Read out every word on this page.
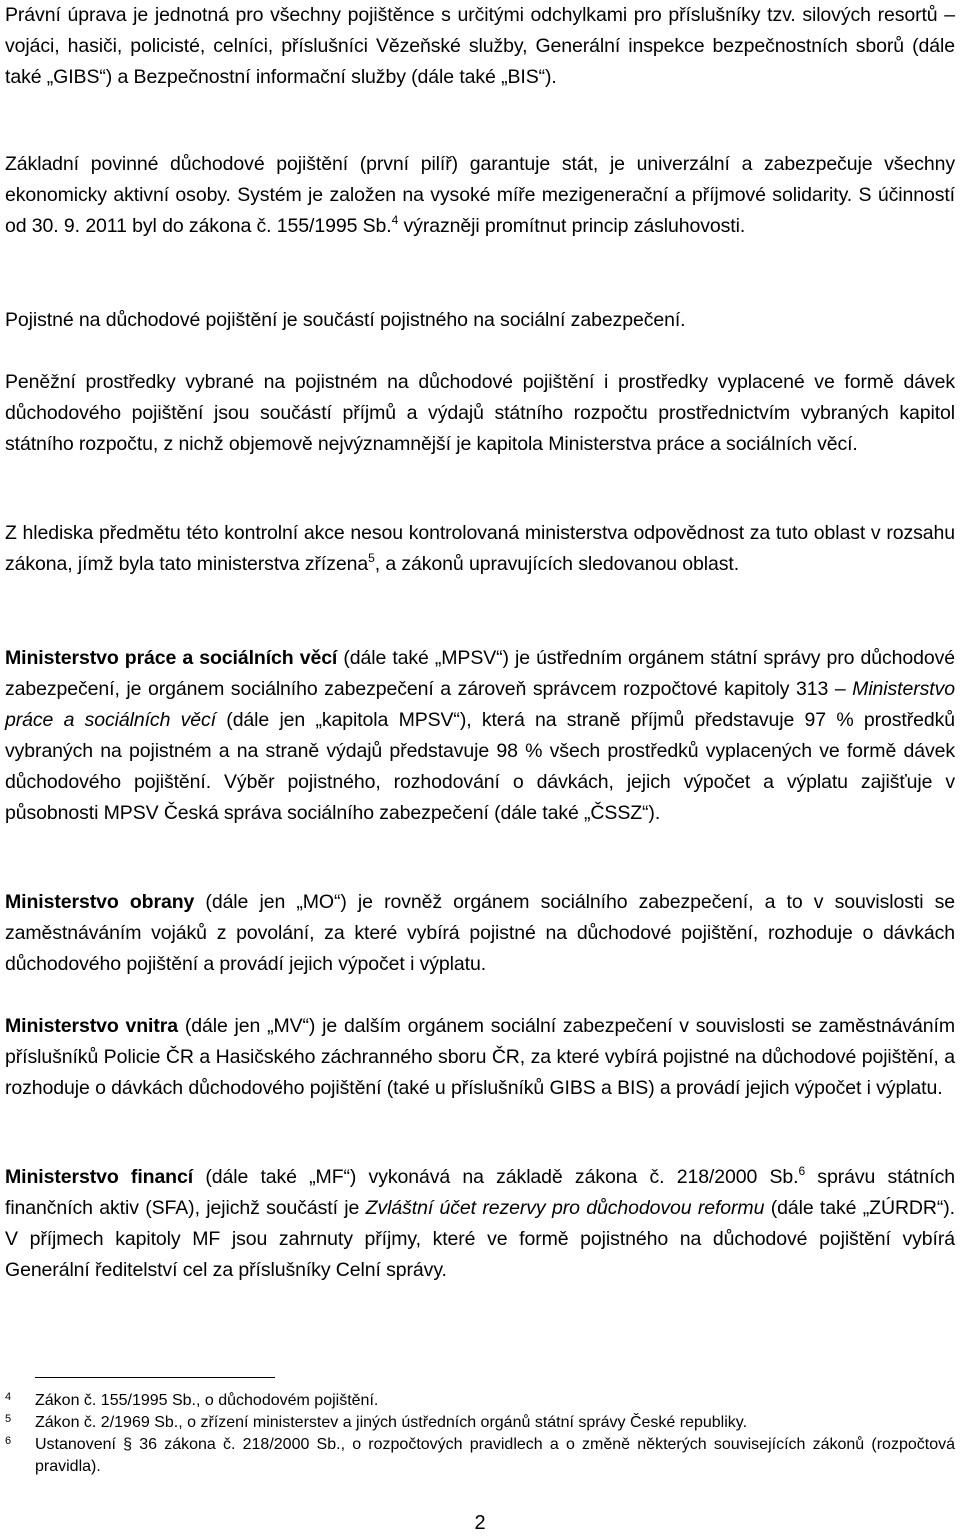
Právní úprava je jednotná pro všechny pojištěnce s určitými odchylkami pro příslušníky tzv. silových resortů – vojáci, hasiči, policisté, celníci, příslušníci Vězeňské služby, Generální inspekce bezpečnostních sborů (dále také „GIBS“) a Bezpečnostní informační služby (dále také „BIS“).

Základní povinné důchodové pojištění (první pilíř) garantuje stát, je univerzální a zabezpečuje všechny ekonomicky aktivní osoby. Systém je založen na vysoké míře mezigenerační a příjmové solidarity. S účinností od 30. 9. 2011 byl do zákona č. 155/1995 Sb.$^4$ výrazněji promítnut princip zásluhovosti.

Pojistné na důchodové pojištění je součástí pojistného na sociální zabezpečení.

Peněžní prostředky vybrané na pojistném na důchodové pojištění i prostředky vyplacené ve formě dávek důchodového pojištění jsou součástí příjmů a výdajů státního rozpočtu prostřednictvím vybraných kapitol státního rozpočtu, z nichž objemově nejvýznamnější je kapitola Ministerstva práce a sociálních věcí.

Z hlediska předmětu této kontrolní akce nesou kontrolovaná ministerstva odpovědnost za tuto oblast v rozsahu zákona, jímž byla tato ministerstva zřízena$^5$, a zákonů upravujících sledovanou oblast.

Ministerstvo práce a sociálních věcí (dále také „MPSV“) je ústředním orgánem státní správy pro důchodové zabezpečení, je orgánem sociálního zabezpečení a zároveň správcem rozpočtové kapitoly 313 – Ministerstvo práce a sociálních věcí (dále jen „kapitola MPSV“), která na straně příjmů představuje 97 % prostředků vybraných na pojistném a na straně výdajů představuje 98 % všech prostředků vyplacených ve formě dávek důchodového pojištění. Výběr pojistného, rozhodování o dávkách, jejich výpočet a výplatu zajišťuje v působnosti MPSV Česká správa sociálního zabezpečení (dále také „ČSSZ“).

Ministerstvo obrany (dále jen „MO“) je rovněž orgánem sociálního zabezpečení, a to v souvislosti se zaměstnáváním vojáků z povolání, za které vybírá pojistné na důchodové pojištění, rozhoduje o dávkách důchodového pojištění a provádí jejich výpočet i výplatu.

Ministerstvo vnitra (dále jen „MV“) je dalším orgánem sociální zabezpečení v souvislosti se zaměstnáváním příslušníků Policie ČR a Hasičského záchranného sboru ČR, za které vybírá pojistné na důchodové pojištění, a rozhoduje o dávkách důchodového pojištění (také u příslušníků GIBS a BIS) a provádí jejich výpočet i výplatu.

Ministerstvo financí (dále také „MF“) vykonává na základě zákona č. 218/2000 Sb.$^6$ správu státních finančních aktiv (SFA), jejichž součástí je Zvláštní účet rezervy pro důchodovou reformu (dále také „ZÚRDR“). V příjmech kapitoly MF jsou zahrnuty příjmy, které ve formě pojistného na důchodové pojištění vybírá Generální ředitelství cel za příslušníky Celní správy.

4	Zákon č. 155/1995 Sb., o důchodovém pojištění.
5	Zákon č. 2/1969 Sb., o zřízení ministerstev a jiných ústředních orgánů státní správy České republiky.
6	Ustanovení § 36 zákona č. 218/2000 Sb., o rozpočtových pravidlech a o změně některých souvisejících zákonů (rozpočtová pravidla).
2
